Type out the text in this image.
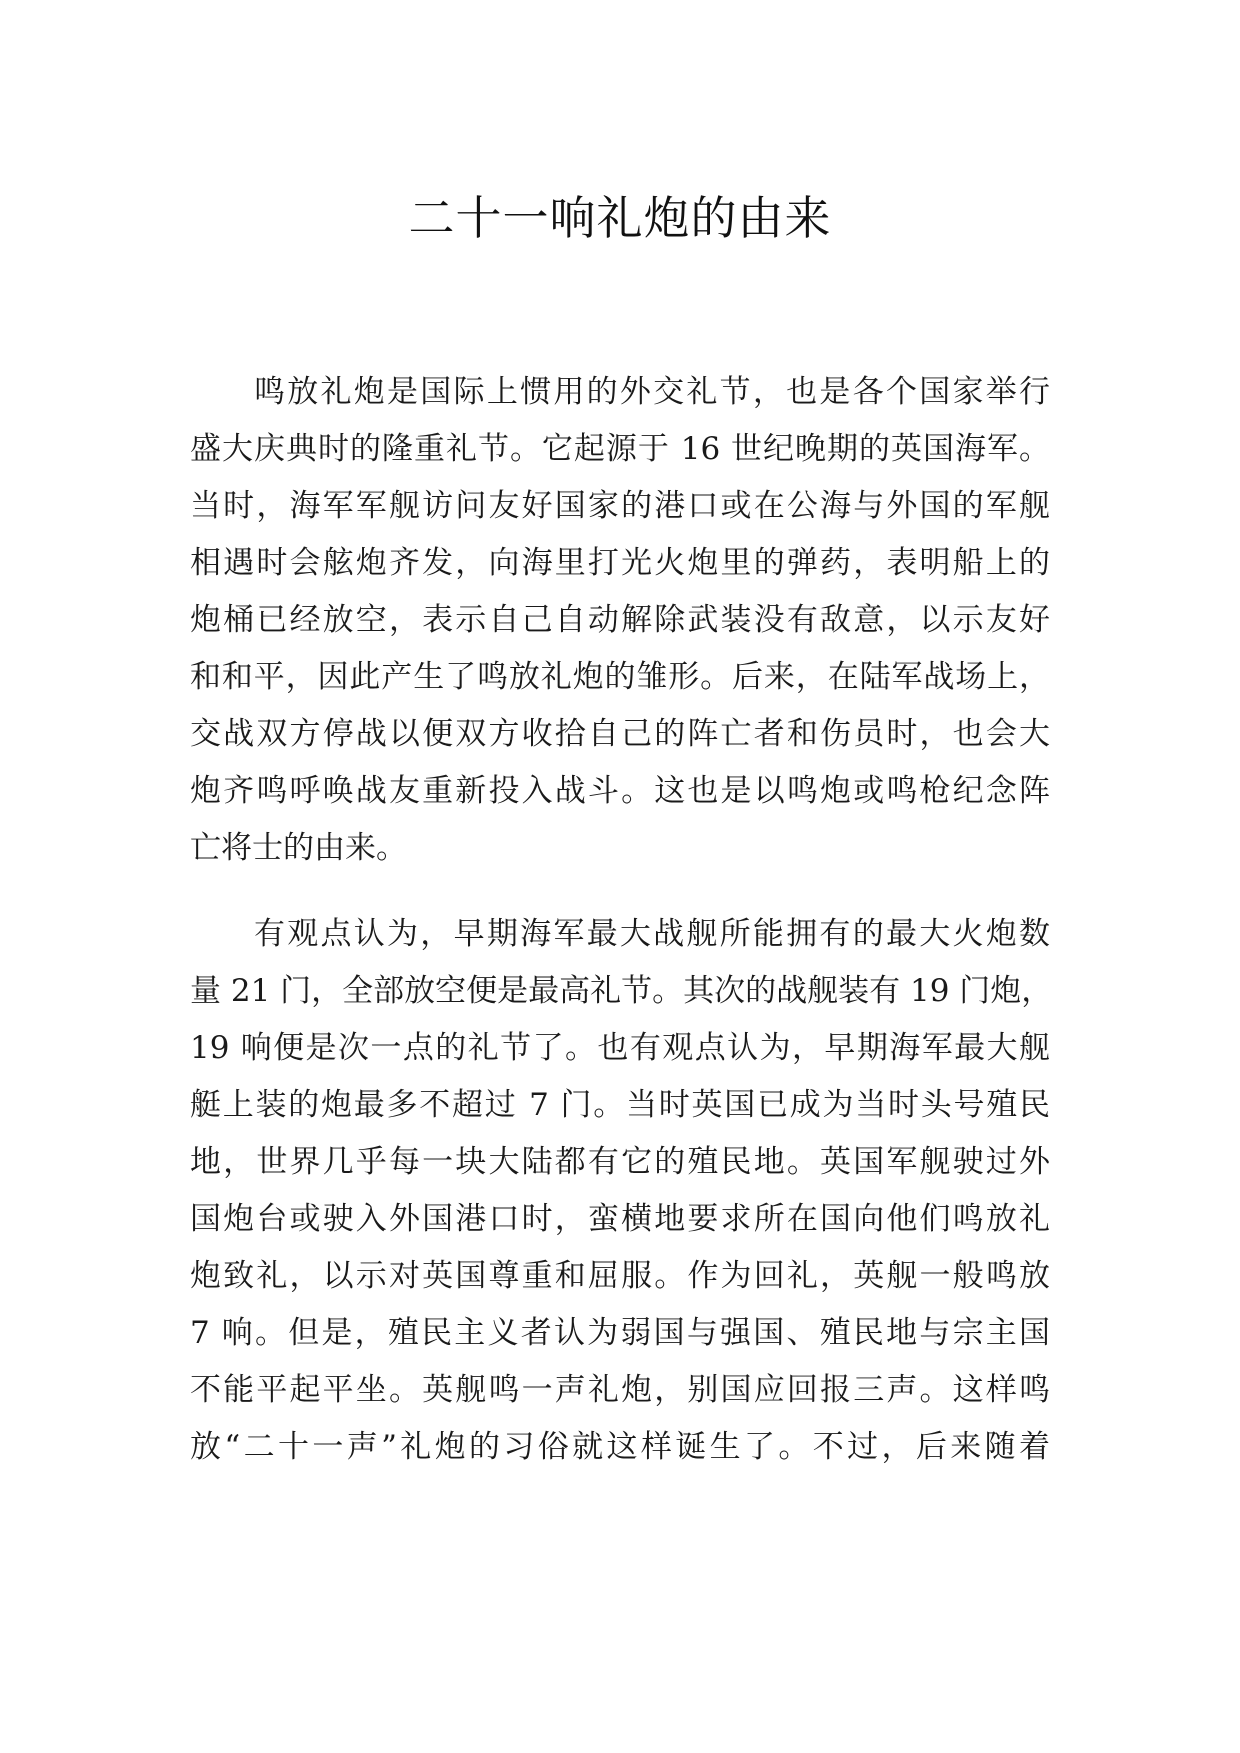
二十一响礼炮的由来
鸣放礼炮是国际上惯用的外交礼节，也是各个国家举行
盛大庆典时的隆重礼节。它起源于 16 世纪晚期的英国海军。
当时，海军军舰访问友好国家的港口或在公海与外国的军舰
相遇时会舷炮齐发，向海里打光火炮里的弹药，表明船上的
炮桶已经放空，表示自己自动解除武装没有敌意，以示友好
和和平，因此产生了鸣放礼炮的雏形。后来，在陆军战场上，
交战双方停战以便双方收拾自己的阵亡者和伤员时，也会大
炮齐鸣呼唤战友重新投入战斗。这也是以鸣炮或鸣枪纪念阵
亡将士的由来。
有观点认为，早期海军最大战舰所能拥有的最大火炮数
量 21 门，全部放空便是最高礼节。其次的战舰装有 19 门炮，
19 响便是次一点的礼节了。也有观点认为，早期海军最大舰
艇上装的炮最多不超过 7 门。当时英国已成为当时头号殖民
地，世界几乎每一块大陆都有它的殖民地。英国军舰驶过外
国炮台或驶入外国港口时，蛮横地要求所在国向他们鸣放礼
炮致礼，以示对英国尊重和屈服。作为回礼，英舰一般鸣放
7 响。但是，殖民主义者认为弱国与强国、殖民地与宗主国
不能平起平坐。英舰鸣一声礼炮，别国应回报三声。这样鸣
放“二十一声”礼炮的习俗就这样诞生了。不过，后来随着
